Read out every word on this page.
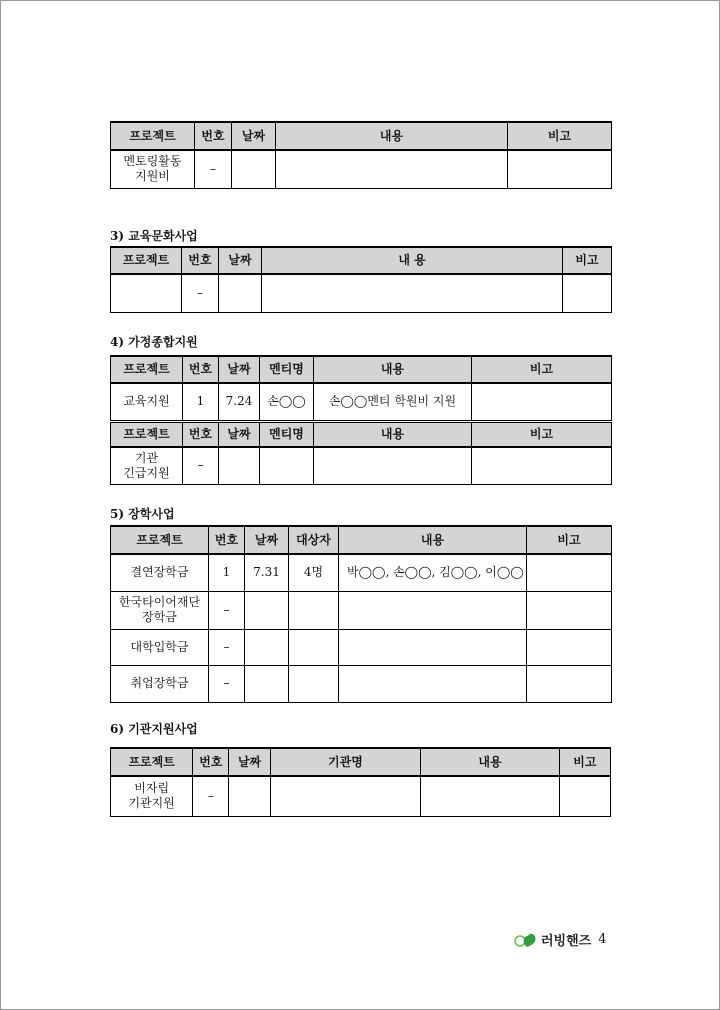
프로젝트	번호	날짜	내용	비고
멘토링활동
지원비	–			
3) 교육문화사업
프로젝트	번호	날짜	내 용	비고
	–			
4) 가정종합지원
프로젝트	번호	날짜	멘티명	내용	비고
교육지원	1	7.24	손◯◯	손◯◯멘티 학원비 지원	
프로젝트	번호	날짜	멘티명	내용	비고
기관
긴급지원	–				
5) 장학사업
프로젝트	번호	날짜	대상자	내용	비고
결연장학금	1	7.31	4명	박◯◯, 손◯◯, 김◯◯, 이◯◯	
한국타이어재단
장학금	–				
대학입학금	–				
취업장학금	–				
6) 기관지원사업
프로젝트	번호	날짜	기관명	내용	비고
비자립
기관지원	–				
러빙핸즈 4
